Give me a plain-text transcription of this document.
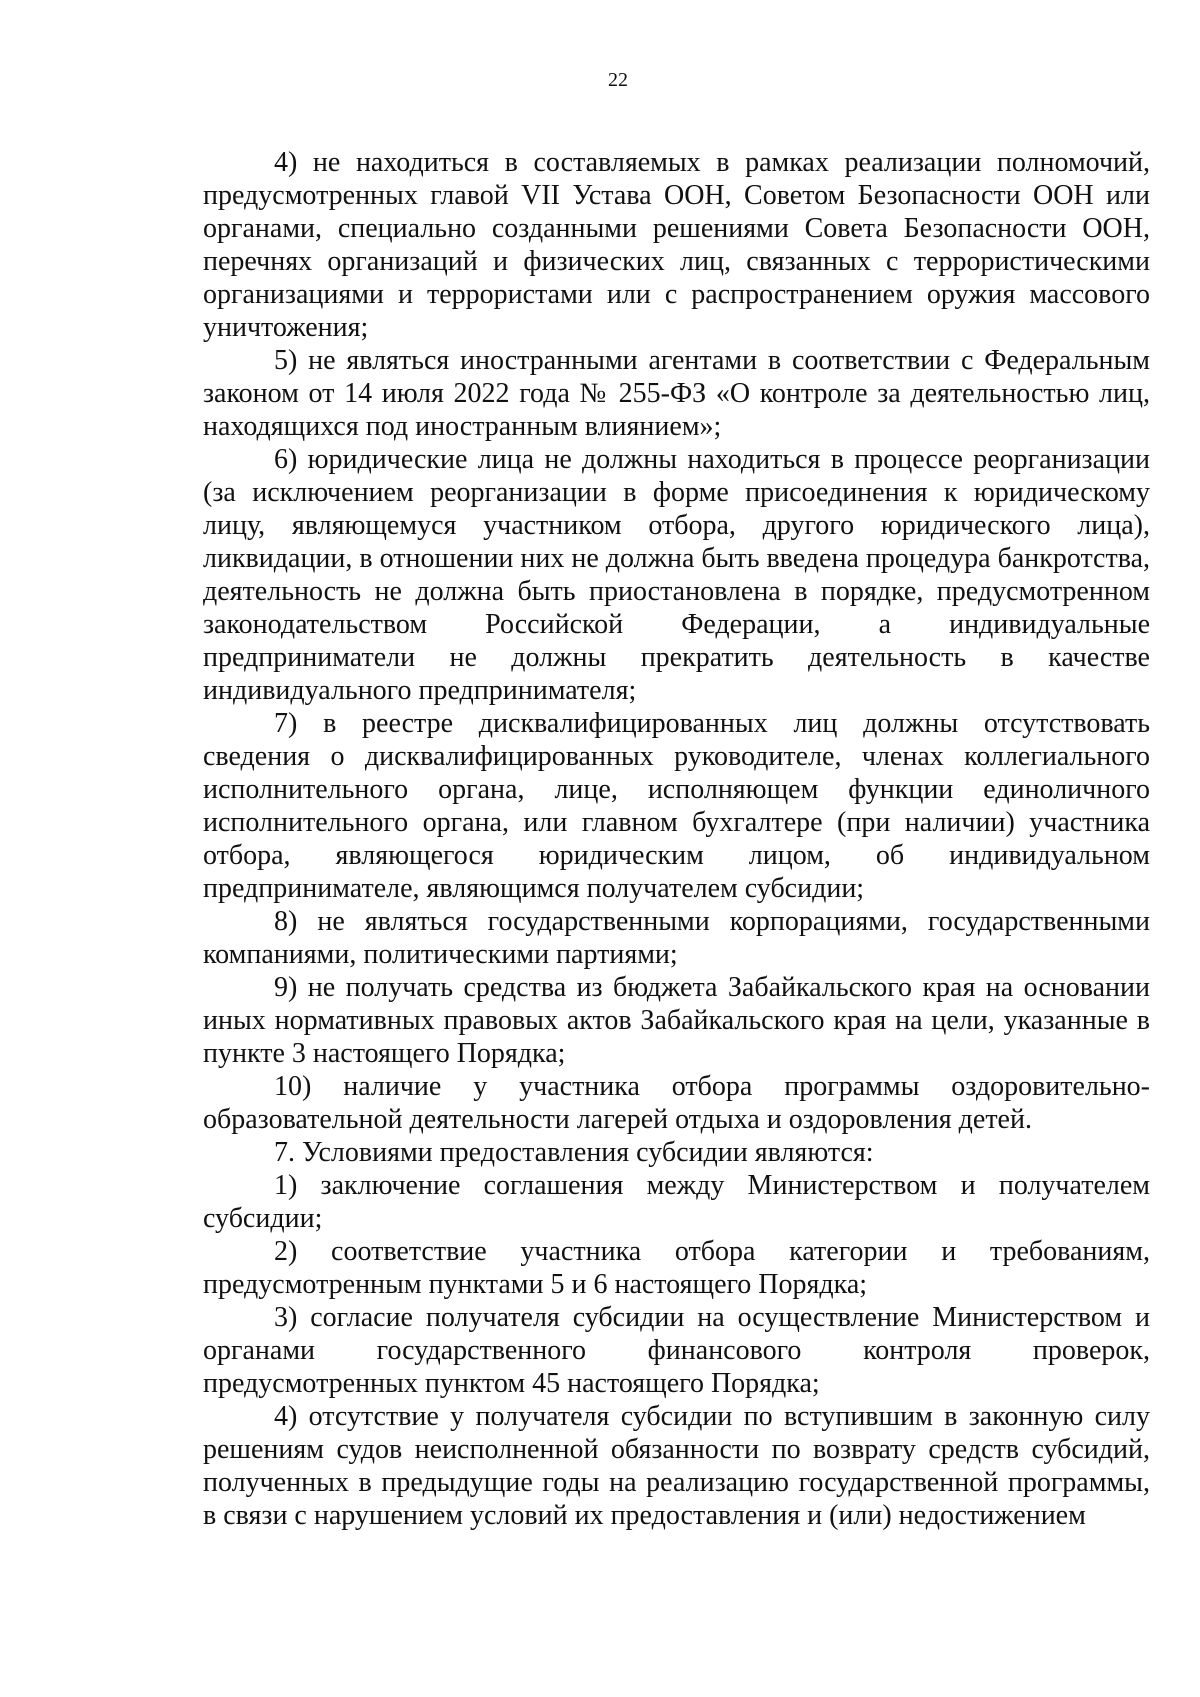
22

4) не находиться в составляемых в рамках реализации полномочий, предусмотренных главой VII Устава ООН, Советом Безопасности ООН или органами, специально созданными решениями Совета Безопасности ООН, перечнях организаций и физических лиц, связанных с террористическими организациями и террористами или с распространением оружия массового уничтожения;

5) не являться иностранными агентами в соответствии с Федеральным законом от 14 июля 2022 года № 255-ФЗ «О контроле за деятельностью лиц, находящихся под иностранным влиянием»;

6) юридические лица не должны находиться в процессе реорганизации (за исключением реорганизации в форме присоединения к юридическому лицу, являющемуся участником отбора, другого юридического лица), ликвидации, в отношении них не должна быть введена процедура банкротства, деятельность не должна быть приостановлена в порядке, предусмотренном законодательством Российской Федерации, а индивидуальные предприниматели не должны прекратить деятельность в качестве индивидуального предпринимателя;

7) в реестре дисквалифицированных лиц должны отсутствовать сведения о дисквалифицированных руководителе, членах коллегиального исполнительного органа, лице, исполняющем функции единоличного исполнительного органа, или главном бухгалтере (при наличии) участника отбора, являющегося юридическим лицом, об индивидуальном предпринимателе, являющимся получателем субсидии;

8) не являться государственными корпорациями, государственными компаниями, политическими партиями;

9) не получать средства из бюджета Забайкальского края на основании иных нормативных правовых актов Забайкальского края на цели, указанные в пункте 3 настоящего Порядка;

10) наличие у участника отбора программы оздоровительно-образовательной деятельности лагерей отдыха и оздоровления детей.

7. Условиями предоставления субсидии являются:

1) заключение соглашения между Министерством и получателем субсидии;

2) соответствие участника отбора категории и требованиям, предусмотренным пунктами 5 и 6 настоящего Порядка;

3) согласие получателя субсидии на осуществление Министерством и органами государственного финансового контроля проверок, предусмотренных пунктом 45 настоящего Порядка;

4) отсутствие у получателя субсидии по вступившим в законную силу решениям судов неисполненной обязанности по возврату средств субсидий, полученных в предыдущие годы на реализацию государственной программы, в связи с нарушением условий их предоставления и (или) недостижением
